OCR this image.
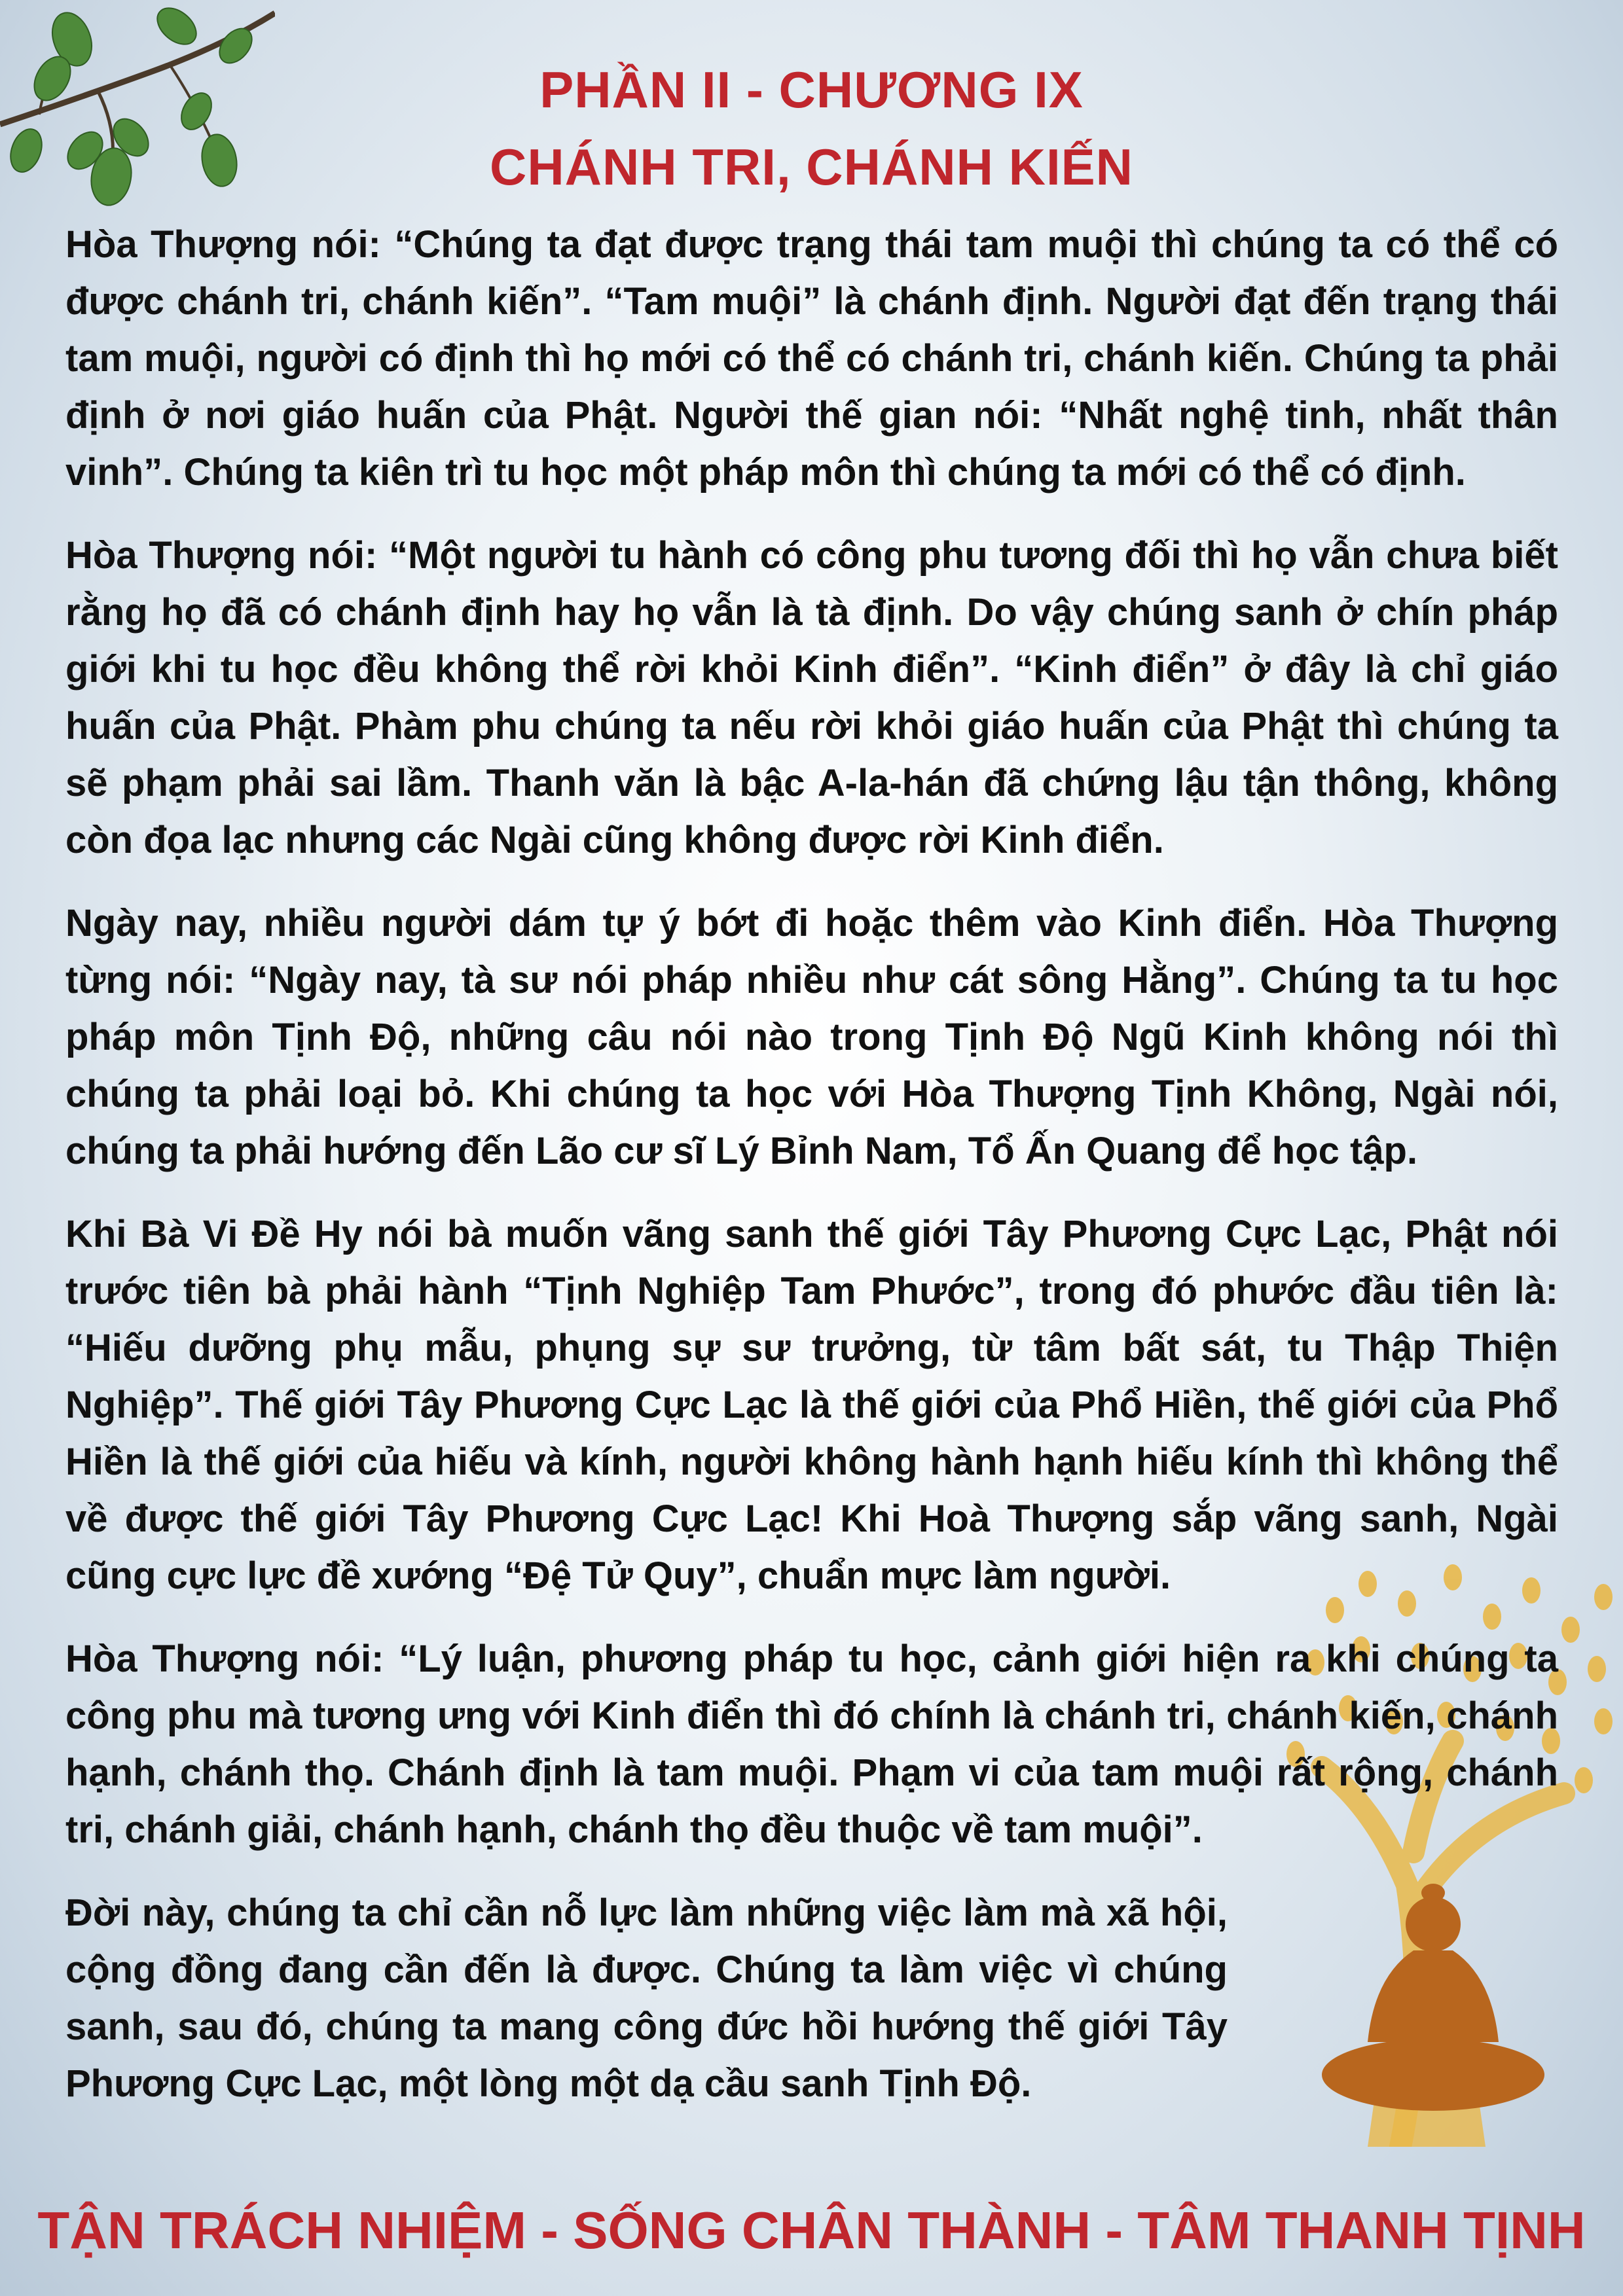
PHẦN II - CHƯƠNG IX
CHÁNH TRI, CHÁNH KIẾN

Hòa Thượng nói: “Chúng ta đạt được trạng thái tam muội thì chúng ta có thể có được chánh tri, chánh kiến”. “Tam muội” là chánh định. Người đạt đến trạng thái tam muội, người có định thì họ mới có thể có chánh tri, chánh kiến. Chúng ta phải định ở nơi giáo huấn của Phật. Người thế gian nói: “Nhất nghệ tinh, nhất thân vinh”. Chúng ta kiên trì tu học một pháp môn thì chúng ta mới có thể có định.

Hòa Thượng nói: “Một người tu hành có công phu tương đối thì họ vẫn chưa biết rằng họ đã có chánh định hay họ vẫn là tà định. Do vậy chúng sanh ở chín pháp giới khi tu học đều không thể rời khỏi Kinh điển”. “Kinh điển” ở đây là chỉ giáo huấn của Phật. Phàm phu chúng ta nếu rời khỏi giáo huấn của Phật thì chúng ta sẽ phạm phải sai lầm. Thanh văn là bậc A-la-hán đã chứng lậu tận thông, không còn đọa lạc nhưng các Ngài cũng không được rời Kinh điển.

Ngày nay, nhiều người dám tự ý bớt đi hoặc thêm vào Kinh điển. Hòa Thượng từng nói: “Ngày nay, tà sư nói pháp nhiều như cát sông Hằng”. Chúng ta tu học pháp môn Tịnh Độ, những câu nói nào trong Tịnh Độ Ngũ Kinh không nói thì chúng ta phải loại bỏ. Khi chúng ta học với Hòa Thượng Tịnh Không, Ngài nói, chúng ta phải hướng đến Lão cư sĩ Lý Bỉnh Nam, Tổ Ấn Quang để học tập.

Khi Bà Vi Đề Hy nói bà muốn vãng sanh thế giới Tây Phương Cực Lạc, Phật nói trước tiên bà phải hành “Tịnh Nghiệp Tam Phước”, trong đó phước đầu tiên là: “Hiếu dưỡng phụ mẫu, phụng sự sư trưởng, từ tâm bất sát, tu Thập Thiện Nghiệp”. Thế giới Tây Phương Cực Lạc là thế giới của Phổ Hiền, thế giới của Phổ Hiền là thế giới của hiếu và kính, người không hành hạnh hiếu kính thì không thể về được thế giới Tây Phương Cực Lạc! Khi Hoà Thượng sắp vãng sanh, Ngài cũng cực lực đề xướng “Đệ Tử Quy”, chuẩn mực làm người.

Hòa Thượng nói: “Lý luận, phương pháp tu học, cảnh giới hiện ra khi chúng ta công phu mà tương ưng với Kinh điển thì đó chính là chánh tri, chánh kiến, chánh hạnh, chánh thọ. Chánh định là tam muội. Phạm vi của tam muội rất rộng, chánh tri, chánh giải, chánh hạnh, chánh thọ đều thuộc về tam muội”.

Đời này, chúng ta chỉ cần nỗ lực làm những việc làm mà xã hội, cộng đồng đang cần đến là được. Chúng ta làm việc vì chúng sanh, sau đó, chúng ta mang công đức hồi hướng thế giới Tây Phương Cực Lạc, một lòng một dạ cầu sanh Tịnh Độ.

TẬN TRÁCH NHIỆM - SỐNG CHÂN THÀNH - TÂM THANH TỊNH
